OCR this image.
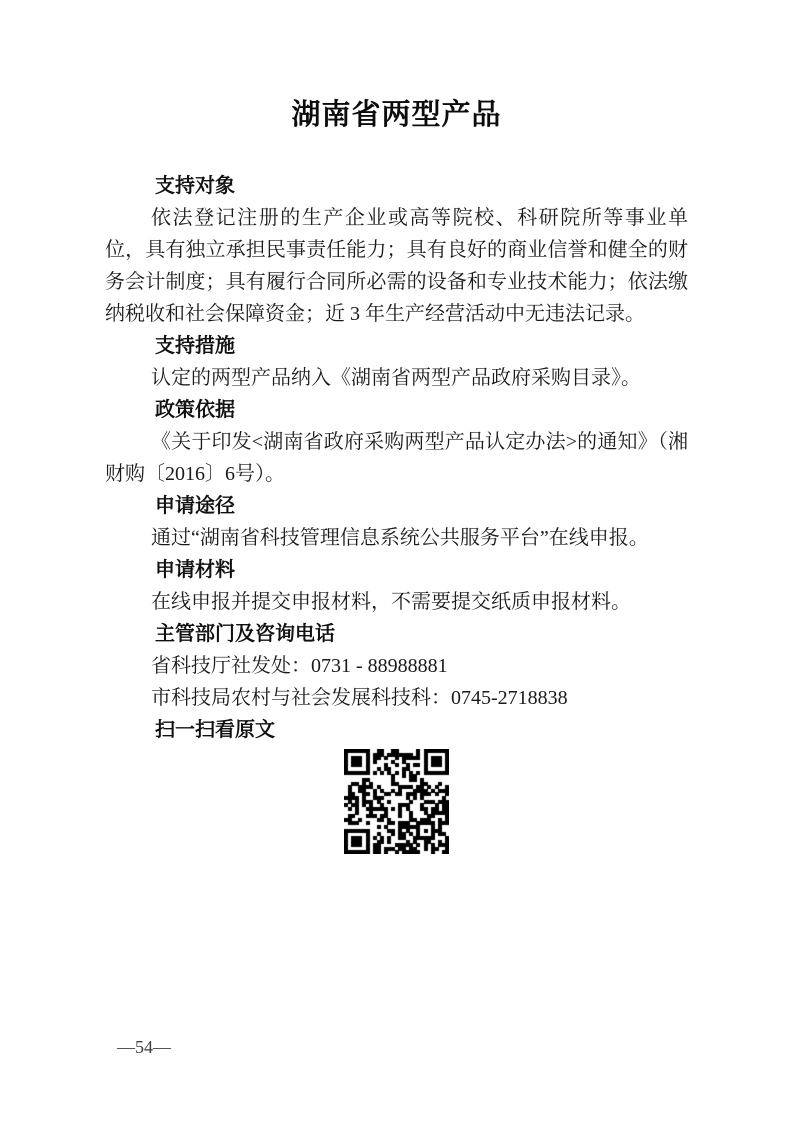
湖南省两型产品
支持对象

依法登记注册的生产企业或高等院校、科研院所等事业单位，具有独立承担民事责任能力；具有良好的商业信誉和健全的财务会计制度；具有履行合同所必需的设备和专业技术能力；依法缴纳税收和社会保障资金；近 3 年生产经营活动中无违法记录。

支持措施

认定的两型产品纳入《湖南省两型产品政府采购目录》。

政策依据

《关于印发<湖南省政府采购两型产品认定办法>的通知》（湘财购〔2016〕6号）。

申请途径

通过“湖南省科技管理信息系统公共服务平台”在线申报。

申请材料

在线申报并提交申报材料，不需要提交纸质申报材料。

主管部门及咨询电话

省科技厅社发处：0731 - 88988881

市科技局农村与社会发展科技科：0745-2718838

扫一扫看原文
—54—
